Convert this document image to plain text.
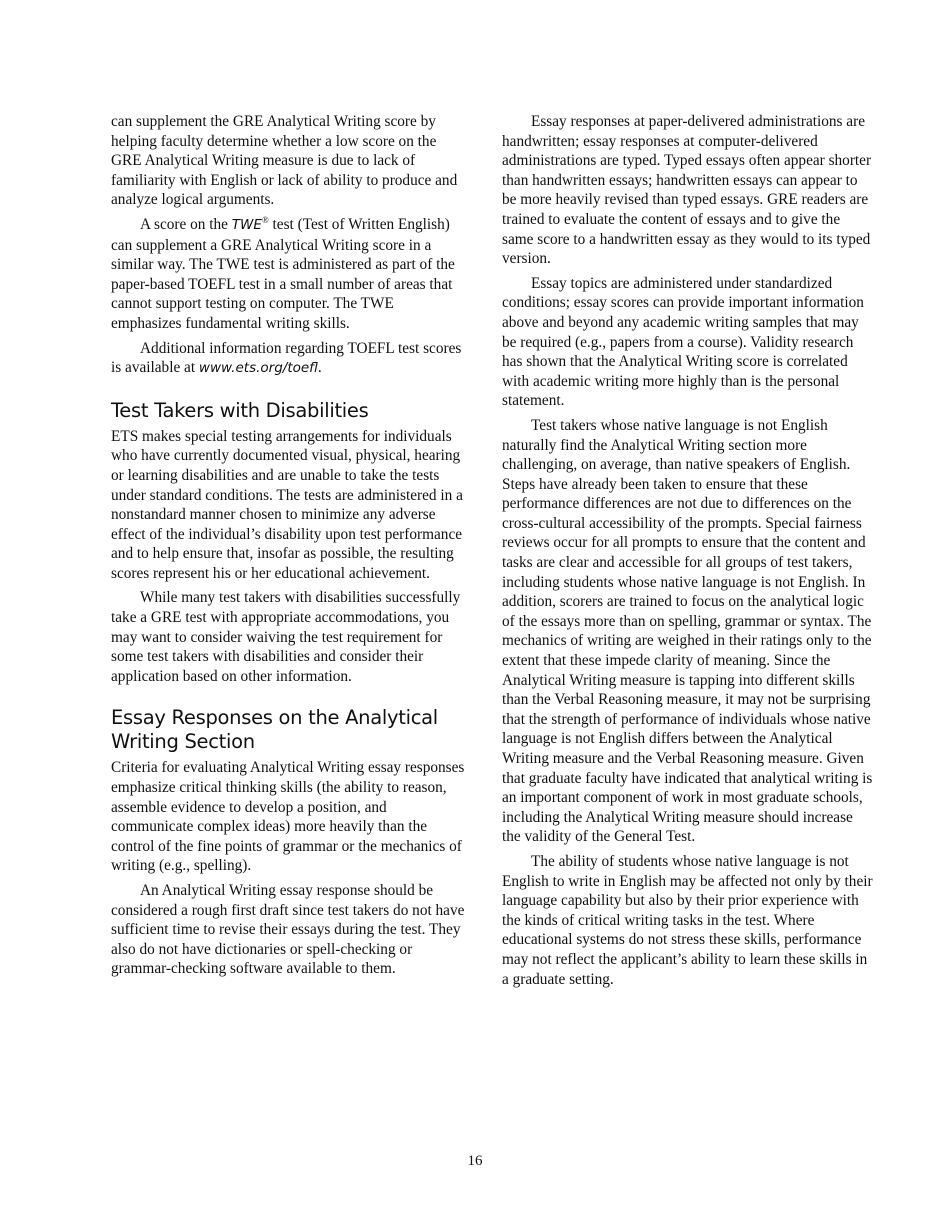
can supplement the GRE Analytical Writing score by helping faculty determine whether a low score on the GRE Analytical Writing measure is due to lack of familiarity with English or lack of ability to produce and analyze logical arguments.

A score on the TWE® test (Test of Written English) can supplement a GRE Analytical Writing score in a similar way. The TWE test is administered as part of the paper-based TOEFL test in a small number of areas that cannot support testing on computer. The TWE emphasizes fundamental writing skills.

Additional information regarding TOEFL test scores is available at www.ets.org/toefl.

Test Takers with Disabilities

ETS makes special testing arrangements for individuals who have currently documented visual, physical, hearing or learning disabilities and are unable to take the tests under standard conditions. The tests are administered in a nonstandard manner chosen to minimize any adverse effect of the individual’s disability upon test performance and to help ensure that, insofar as possible, the resulting scores represent his or her educational achievement.

While many test takers with disabilities successfully take a GRE test with appropriate accommodations, you may want to consider waiving the test requirement for some test takers with disabilities and consider their application based on other information.

Essay Responses on the Analytical Writing Section

Criteria for evaluating Analytical Writing essay responses emphasize critical thinking skills (the ability to reason, assemble evidence to develop a position, and communicate complex ideas) more heavily than the control of the fine points of grammar or the mechanics of writing (e.g., spelling).

An Analytical Writing essay response should be considered a rough first draft since test takers do not have sufficient time to revise their essays during the test. They also do not have dictionaries or spell-checking or grammar-checking software available to them.

Essay responses at paper-delivered administrations are handwritten; essay responses at computer-delivered administrations are typed. Typed essays often appear shorter than handwritten essays; handwritten essays can appear to be more heavily revised than typed essays. GRE readers are trained to evaluate the content of essays and to give the same score to a handwritten essay as they would to its typed version.

Essay topics are administered under standardized conditions; essay scores can provide important information above and beyond any academic writing samples that may be required (e.g., papers from a course). Validity research has shown that the Analytical Writing score is correlated with academic writing more highly than is the personal statement.

Test takers whose native language is not English naturally find the Analytical Writing section more challenging, on average, than native speakers of English. Steps have already been taken to ensure that these performance differences are not due to differences on the cross-cultural accessibility of the prompts. Special fairness reviews occur for all prompts to ensure that the content and tasks are clear and accessible for all groups of test takers, including students whose native language is not English. In addition, scorers are trained to focus on the analytical logic of the essays more than on spelling, grammar or syntax. The mechanics of writing are weighed in their ratings only to the extent that these impede clarity of meaning. Since the Analytical Writing measure is tapping into different skills than the Verbal Reasoning measure, it may not be surprising that the strength of performance of individuals whose native language is not English differs between the Analytical Writing measure and the Verbal Reasoning measure. Given that graduate faculty have indicated that analytical writing is an important component of work in most graduate schools, including the Analytical Writing measure should increase the validity of the General Test.

The ability of students whose native language is not English to write in English may be affected not only by their language capability but also by their prior experience with the kinds of critical writing tasks in the test. Where educational systems do not stress these skills, performance may not reflect the applicant’s ability to learn these skills in a graduate setting.

16
